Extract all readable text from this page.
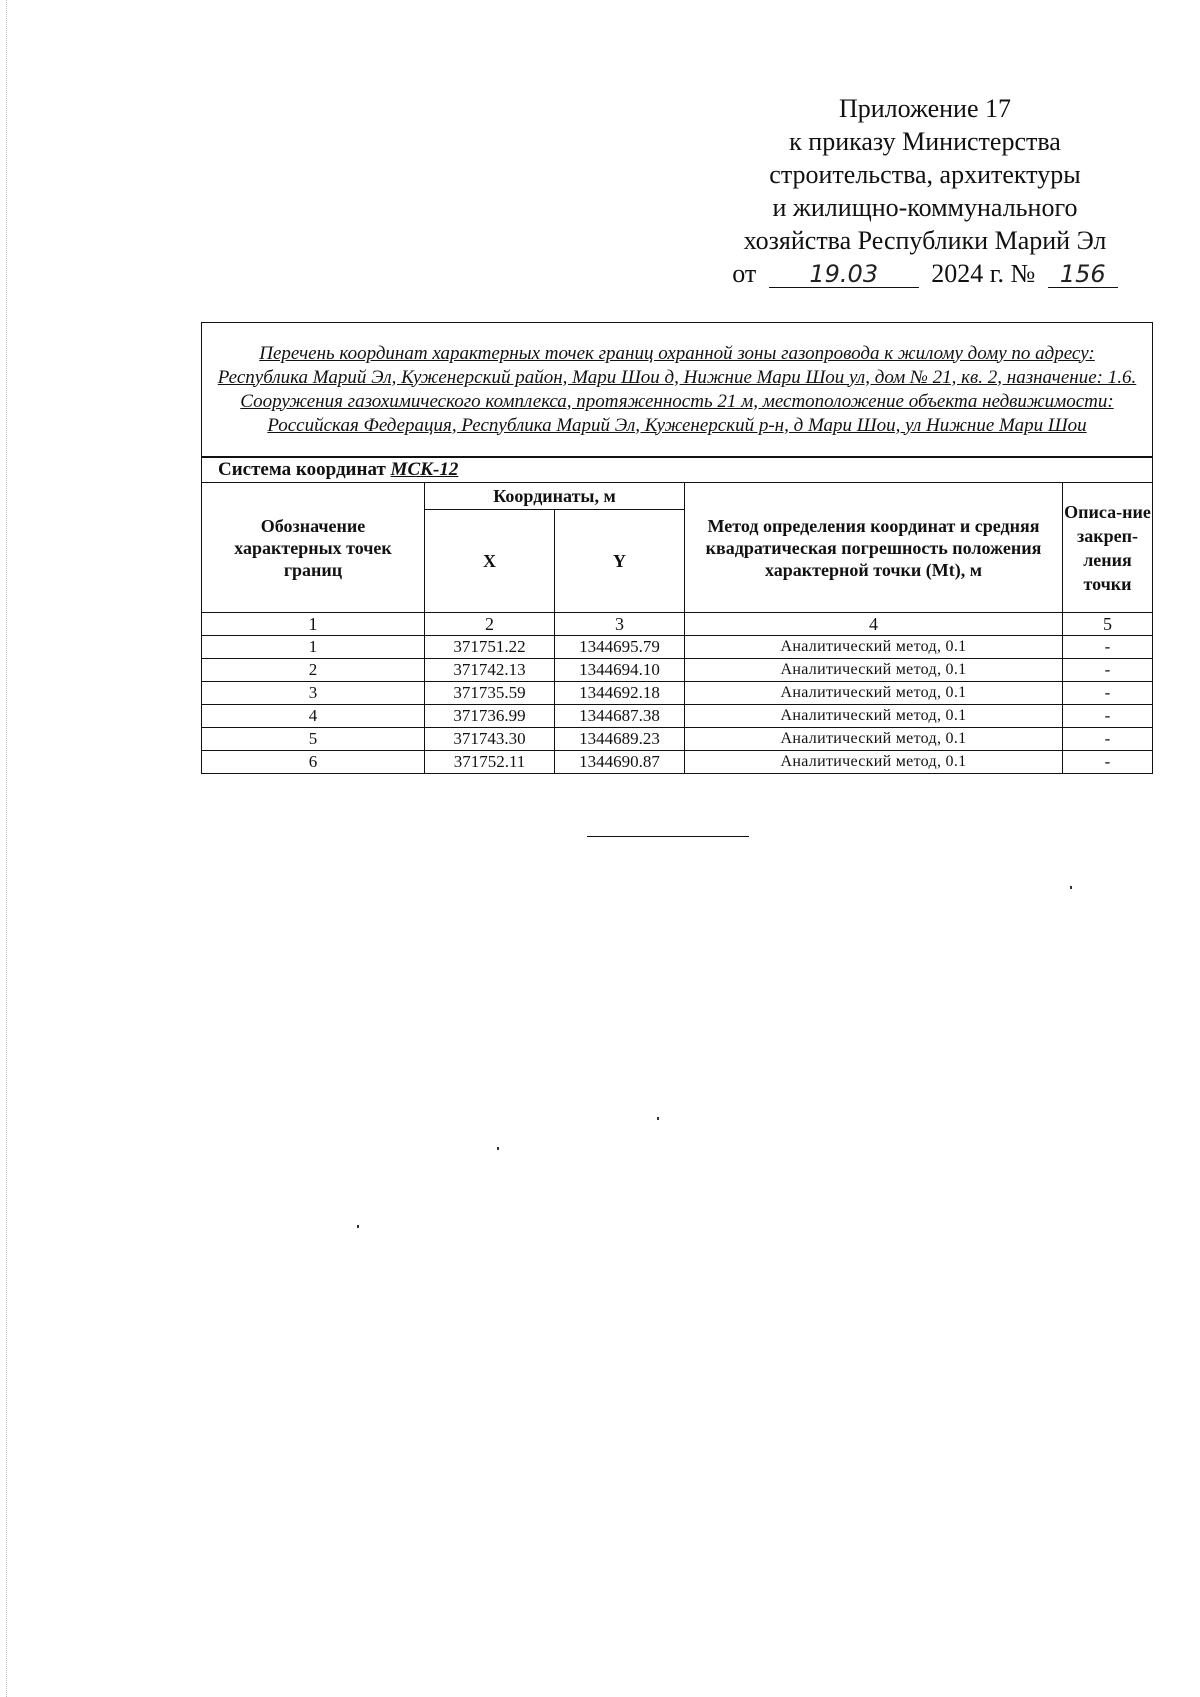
Приложение 17
к приказу Министерства
строительства, архитектуры
и жилищно-коммунального
хозяйства Республики Марий Эл
от 19.03 2024 г. № 156
Перечень координат характерных точек границ охранной зоны газопровода к жилому дому по адресу: Республика Марий Эл, Куженерский район, Мари Шои д, Нижние Мари Шои ул, дом № 21, кв. 2, назначение: 1.6. Сооружения газохимического комплекса, протяженность 21 м, местоположение объекта недвижимости: Российская Федерация, Республика Марий Эл, Куженерский р-н, д Мари Шои, ул Нижние Мари Шои				
Система координат МСК-12				
Обозначение характерных точек границ	Координаты, м		Метод определения координат и средняя квадратическая погрешность положения характерной точки (Mt), м	Описа-ние закреп-ления точки
	X	Y		
1	2	3	4	5
1	371751.22	1344695.79	Аналитический метод, 0.1	-
2	371742.13	1344694.10	Аналитический метод, 0.1	-
3	371735.59	1344692.18	Аналитический метод, 0.1	-
4	371736.99	1344687.38	Аналитический метод, 0.1	-
5	371743.30	1344689.23	Аналитический метод, 0.1	-
6	371752.11	1344690.87	Аналитический метод, 0.1	-
